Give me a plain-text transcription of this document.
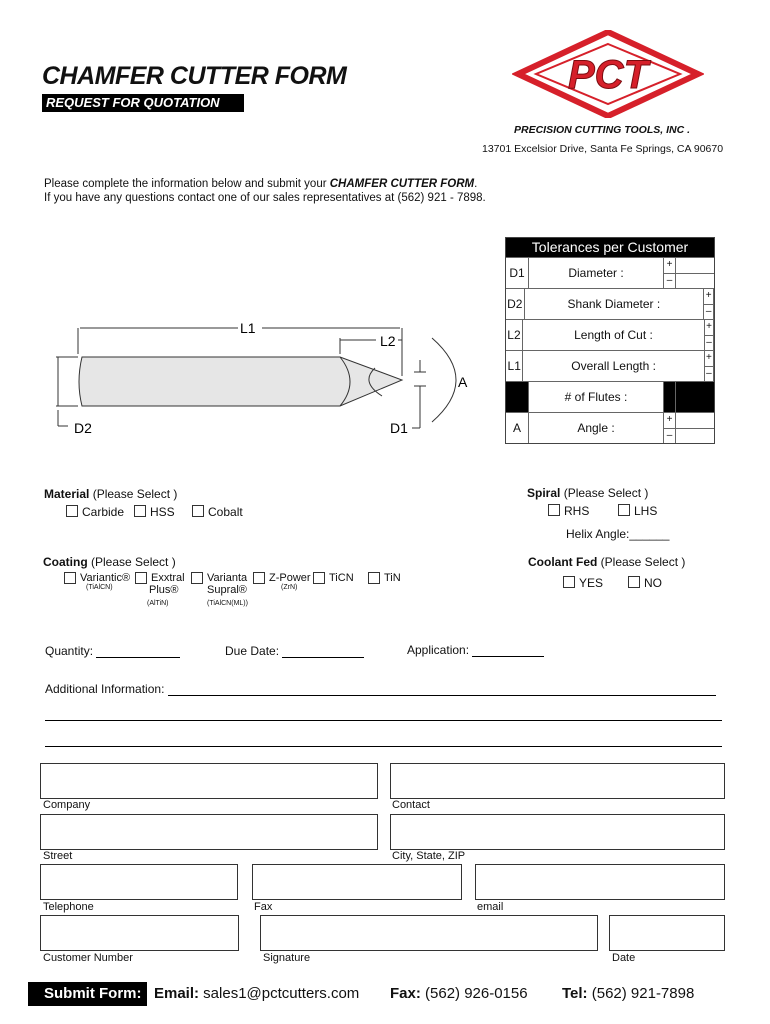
CHAMFER CUTTER FORM
REQUEST FOR QUOTATION
PCT
PRECISION CUTTING TOOLS, INC .
13701 Excelsior Drive, Santa Fe Springs, CA 90670
Please complete the information below and submit your CHAMFER CUTTER FORM.
If you have any questions contact one of our sales representatives at (562) 921 - 7898.
L1
L2
A
D2	D1
Tolerances per Customer
D1	Diameter :
+
–
D2	Shank Diameter :
+
–
L2	Length of Cut :
+
–
L1	Overall Length :
+
–
# of Flutes :
A	Angle :
+
–
Material (Please Select )
Carbide	HSS	Cobalt
Spiral (Please Select )
RHS	LHS
Helix Angle:______
Coating (Please Select )
Variantic®
(TiAlCN)
Exxtral
Plus®
(AlTiN)
Varianta
Supral®
(TiAlCN(ML))
Z-Power
(ZrN)
TiCN	TiN
Coolant Fed (Please Select )
YES	NO
Quantity:	Due Date:	Application:
Additional Information:
Company	Contact
Street	City, State, ZIP
Telephone	Fax	email
Customer Number	Signature	Date
Submit Form: Email: sales1@pctcutters.com Fax: (562) 926-0156 Tel: (562) 921-7898
